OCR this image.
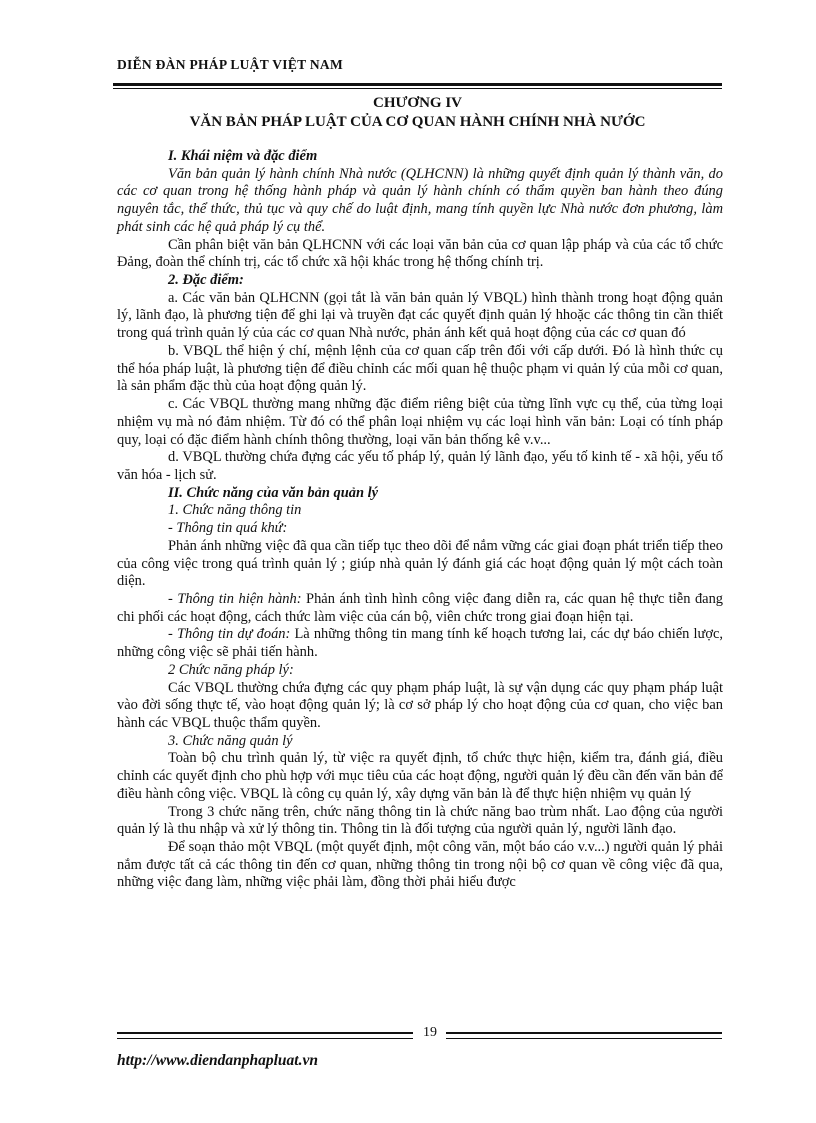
DIỄN ĐÀN PHÁP LUẬT VIỆT NAM
CHƯƠNG IV
VĂN BẢN PHÁP LUẬT CỦA CƠ QUAN HÀNH CHÍNH NHÀ NƯỚC

I. Khái niệm và đặc điểm

Văn bản quản lý hành chính Nhà nước (QLHCNN) là những quyết định quản lý thành văn, do các cơ quan trong hệ thống hành pháp và quản lý hành chính có thẩm quyền ban hành theo đúng nguyên tắc, thể thức, thủ tục và quy chế do luật định, mang tính quyền lực Nhà nước đơn phương, làm phát sinh các hệ quả pháp lý cụ thể.

Cần phân biệt văn bản QLHCNN với các loại văn bản của cơ quan lập pháp và của các tổ chức Đảng, đoàn thể chính trị, các tổ chức xã hội khác trong hệ thống chính trị.

2. Đặc điểm:

a. Các văn bản QLHCNN (gọi tắt là văn bản quản lý VBQL) hình thành trong hoạt động quản lý, lãnh đạo, là phương tiện để ghi lại và truyền đạt các quyết định quản lý hhoặc các thông tin cần thiết trong quá trình quản lý của các cơ quan Nhà nước, phản ánh kết quả hoạt động của các cơ quan đó

b. VBQL thể hiện ý chí, mệnh lệnh của cơ quan cấp trên đối với cấp dưới. Đó là hình thức cụ thể hóa pháp luật, là phương tiện để điều chỉnh các mối quan hệ thuộc phạm vi quản lý của mỗi cơ quan, là sản phẩm đặc thù của hoạt động quản lý.

c. Các VBQL thường mang những đặc điểm riêng biệt của từng lĩnh vực cụ thể, của từng loại nhiệm vụ mà nó đảm nhiệm. Từ đó có thể phân loại nhiệm vụ các loại hình văn bản: Loại có tính pháp quy, loại có đặc điểm hành chính thông thường, loại văn bản thống kê v.v...

d. VBQL thường chứa đựng các yếu tố pháp lý, quản lý lãnh đạo, yếu tố kinh tế - xã hội, yếu tố văn hóa - lịch sử.

II. Chức năng của văn bản quản lý

1. Chức năng thông tin

- Thông tin quá khứ:

Phản ánh những việc đã qua cần tiếp tục theo dõi để nắm vững các giai đoạn phát triển tiếp theo của công việc trong quá trình quản lý ; giúp nhà quản lý đánh giá các hoạt động quản lý một cách toàn diện.

- Thông tin hiện hành: Phản ánh tình hình công việc đang diễn ra, các quan hệ thực tiễn đang chi phối các hoạt động, cách thức làm việc của cán bộ, viên chức trong giai đoạn hiện tại.

- Thông tin dự đoán: Là những thông tin mang tính kế hoạch tương lai, các dự báo chiến lược, những công việc sẽ phải tiến hành.

2 Chức năng pháp lý:

Các VBQL thường chứa đựng các quy phạm pháp luật, là sự vận dụng các quy phạm pháp luật vào đời sống thực tế, vào hoạt động quản lý; là cơ sở pháp lý cho hoạt động của cơ quan, cho việc ban hành các VBQL thuộc thẩm quyền.

3. Chức năng quản lý

Toàn bộ chu trình quản lý, từ việc ra quyết định, tổ chức thực hiện, kiểm tra, đánh giá, điều chỉnh các quyết định cho phù hợp với mục tiêu của các hoạt động, người quản lý đều cần đến văn bản để điều hành công việc. VBQL là công cụ quản lý, xây dựng văn bản là để thực hiện nhiệm vụ quản lý

Trong 3 chức năng trên, chức năng thông tin là chức năng bao trùm nhất. Lao động của người quản lý là thu nhập và xử lý thông tin. Thông tin là đối tượng của người quản lý, người lãnh đạo.

Để soạn thảo một VBQL (một quyết định, một công văn, một báo cáo v.v...) người quản lý phải nắm được tất cả các thông tin đến cơ quan, những thông tin trong nội bộ cơ quan về công việc đã qua, những việc đang làm, những việc phải làm, đồng thời phải hiểu được

19
http://www.diendanphapluat.vn
